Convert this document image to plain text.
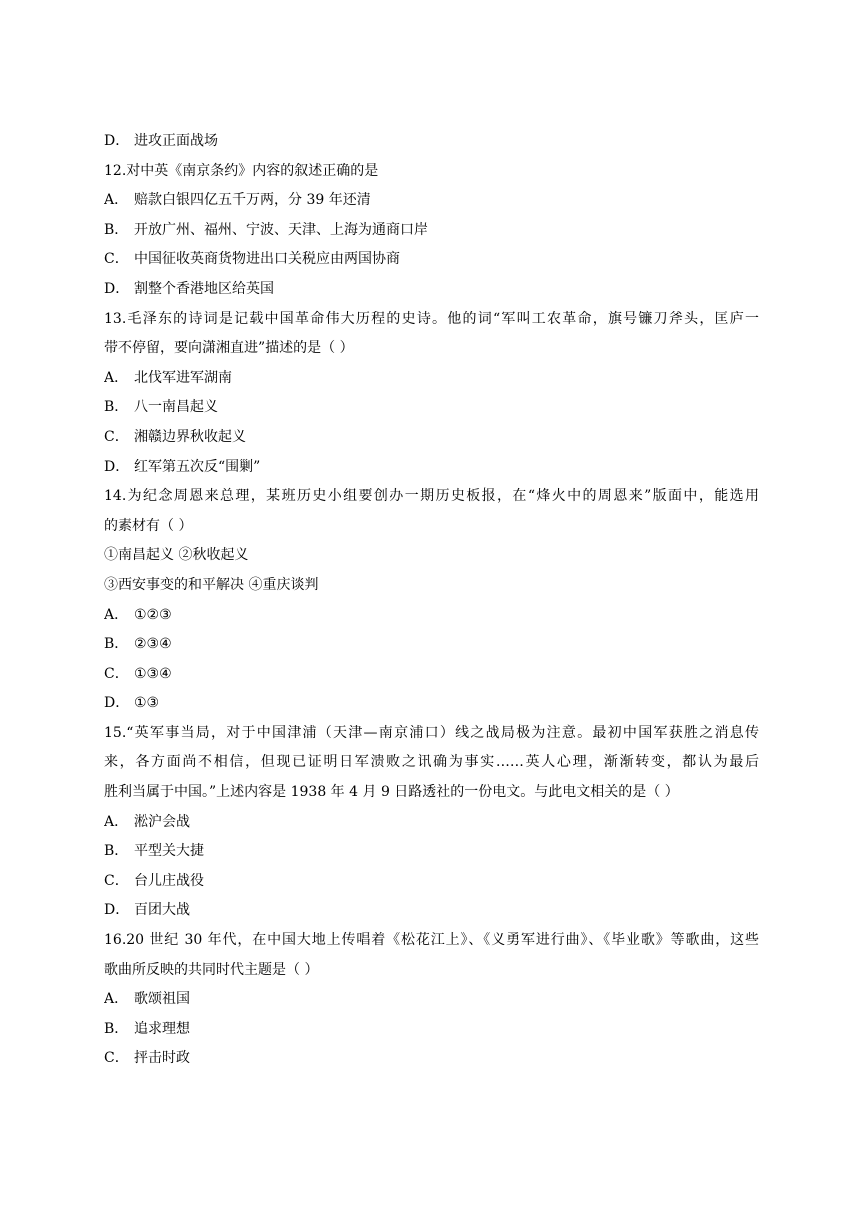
D． 进攻正面战场
12.对中英《南京条约》内容的叙述正确的是
A． 赔款白银四亿五千万两，分 39 年还清
B． 开放广州、福州、宁波、天津、上海为通商口岸
C． 中国征收英商货物进出口关税应由两国协商
D． 割整个香港地区给英国
13.毛泽东的诗词是记载中国革命伟大历程的史诗。他的词“军叫工农革命，旗号镰刀斧头，匡庐一
带不停留，要向潇湘直进”描述的是（ ）
A． 北伐军进军湖南
B． 八一南昌起义
C． 湘赣边界秋收起义
D． 红军第五次反“围剿”
14.为纪念周恩来总理，某班历史小组要创办一期历史板报，在“烽火中的周恩来”版面中，能选用
的素材有（ ）
①南昌起义 ②秋收起义
③西安事变的和平解决 ④重庆谈判
A． ①②③
B． ②③④
C． ①③④
D． ①③
15.“英军事当局，对于中国津浦（天津—南京浦口）线之战局极为注意。最初中国军获胜之消息传
来，各方面尚不相信，但现已证明日军溃败之讯确为事实……英人心理，渐渐转变，都认为最后
胜利当属于中国。”上述内容是 1938 年 4 月 9 日路透社的一份电文。与此电文相关的是（ ）
A． 淞沪会战
B． 平型关大捷
C． 台儿庄战役
D． 百团大战
16.20 世纪 30 年代，在中国大地上传唱着《松花江上》、《义勇军进行曲》、《毕业歌》等歌曲，这些
歌曲所反映的共同时代主题是（ ）
A． 歌颂祖国
B． 追求理想
C． 抨击时政
